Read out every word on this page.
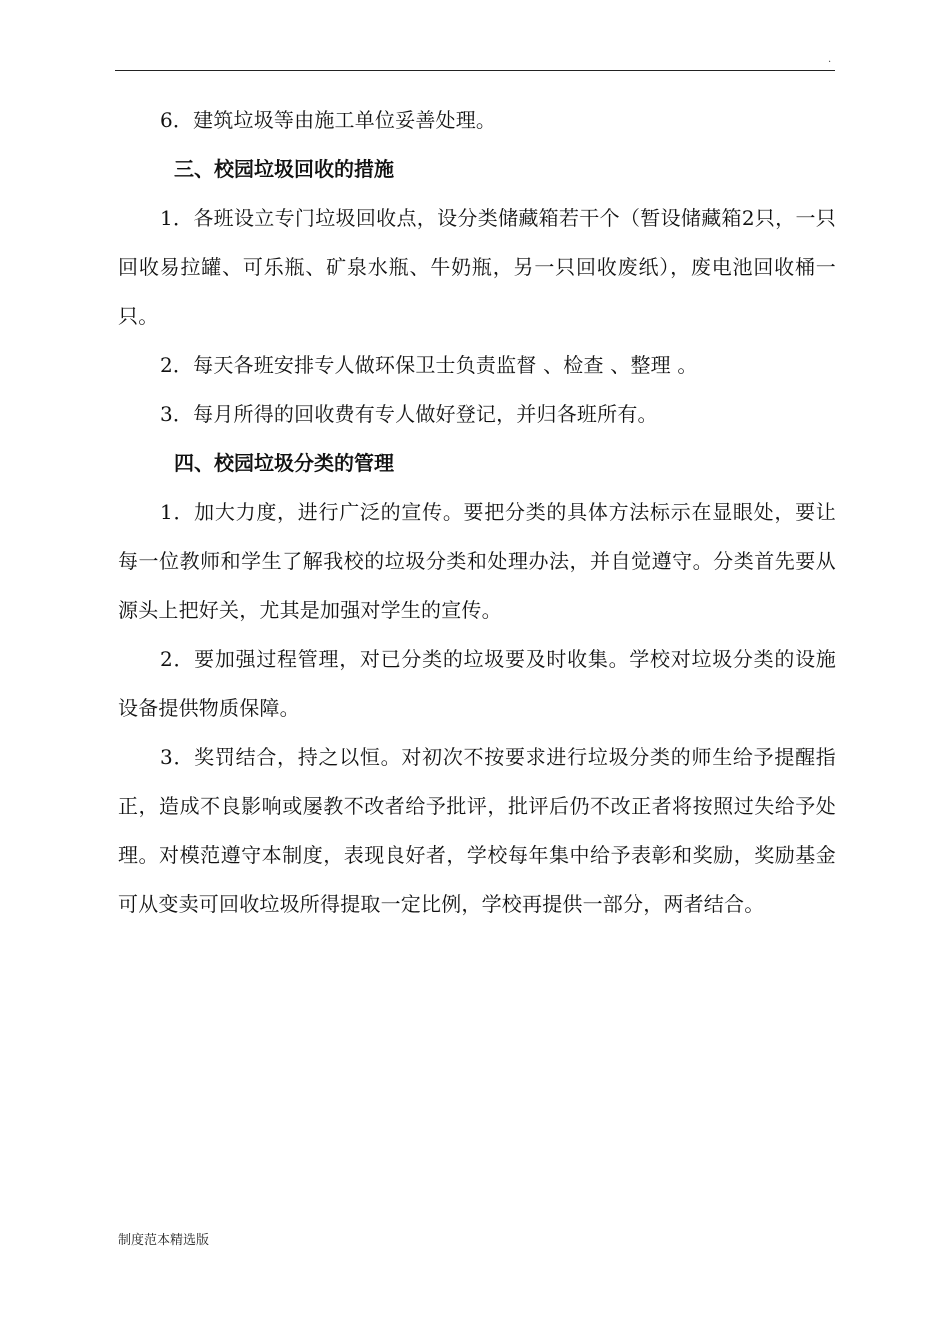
.

6．建筑垃圾等由施工单位妥善处理。

三、校园垃圾回收的措施

1．各班设立专门垃圾回收点，设分类储藏箱若干个（暂设储藏箱2只，一只回收易拉罐、可乐瓶、矿泉水瓶、牛奶瓶，另一只回收废纸），废电池回收桶一只。

2．每天各班安排专人做环保卫士负责监督 、检查 、整理 。

3．每月所得的回收费有专人做好登记，并归各班所有。

四、校园垃圾分类的管理

1．加大力度，进行广泛的宣传。要把分类的具体方法标示在显眼处，要让每一位教师和学生了解我校的垃圾分类和处理办法，并自觉遵守。分类首先要从源头上把好关，尤其是加强对学生的宣传。

2．要加强过程管理，对已分类的垃圾要及时收集。学校对垃圾分类的设施设备提供物质保障。

3．奖罚结合，持之以恒。对初次不按要求进行垃圾分类的师生给予提醒指正，造成不良影响或屡教不改者给予批评，批评后仍不改正者将按照过失给予处理。对模范遵守本制度，表现良好者，学校每年集中给予表彰和奖励，奖励基金可从变卖可回收垃圾所得提取一定比例，学校再提供一部分，两者结合。

制度范本精选版
